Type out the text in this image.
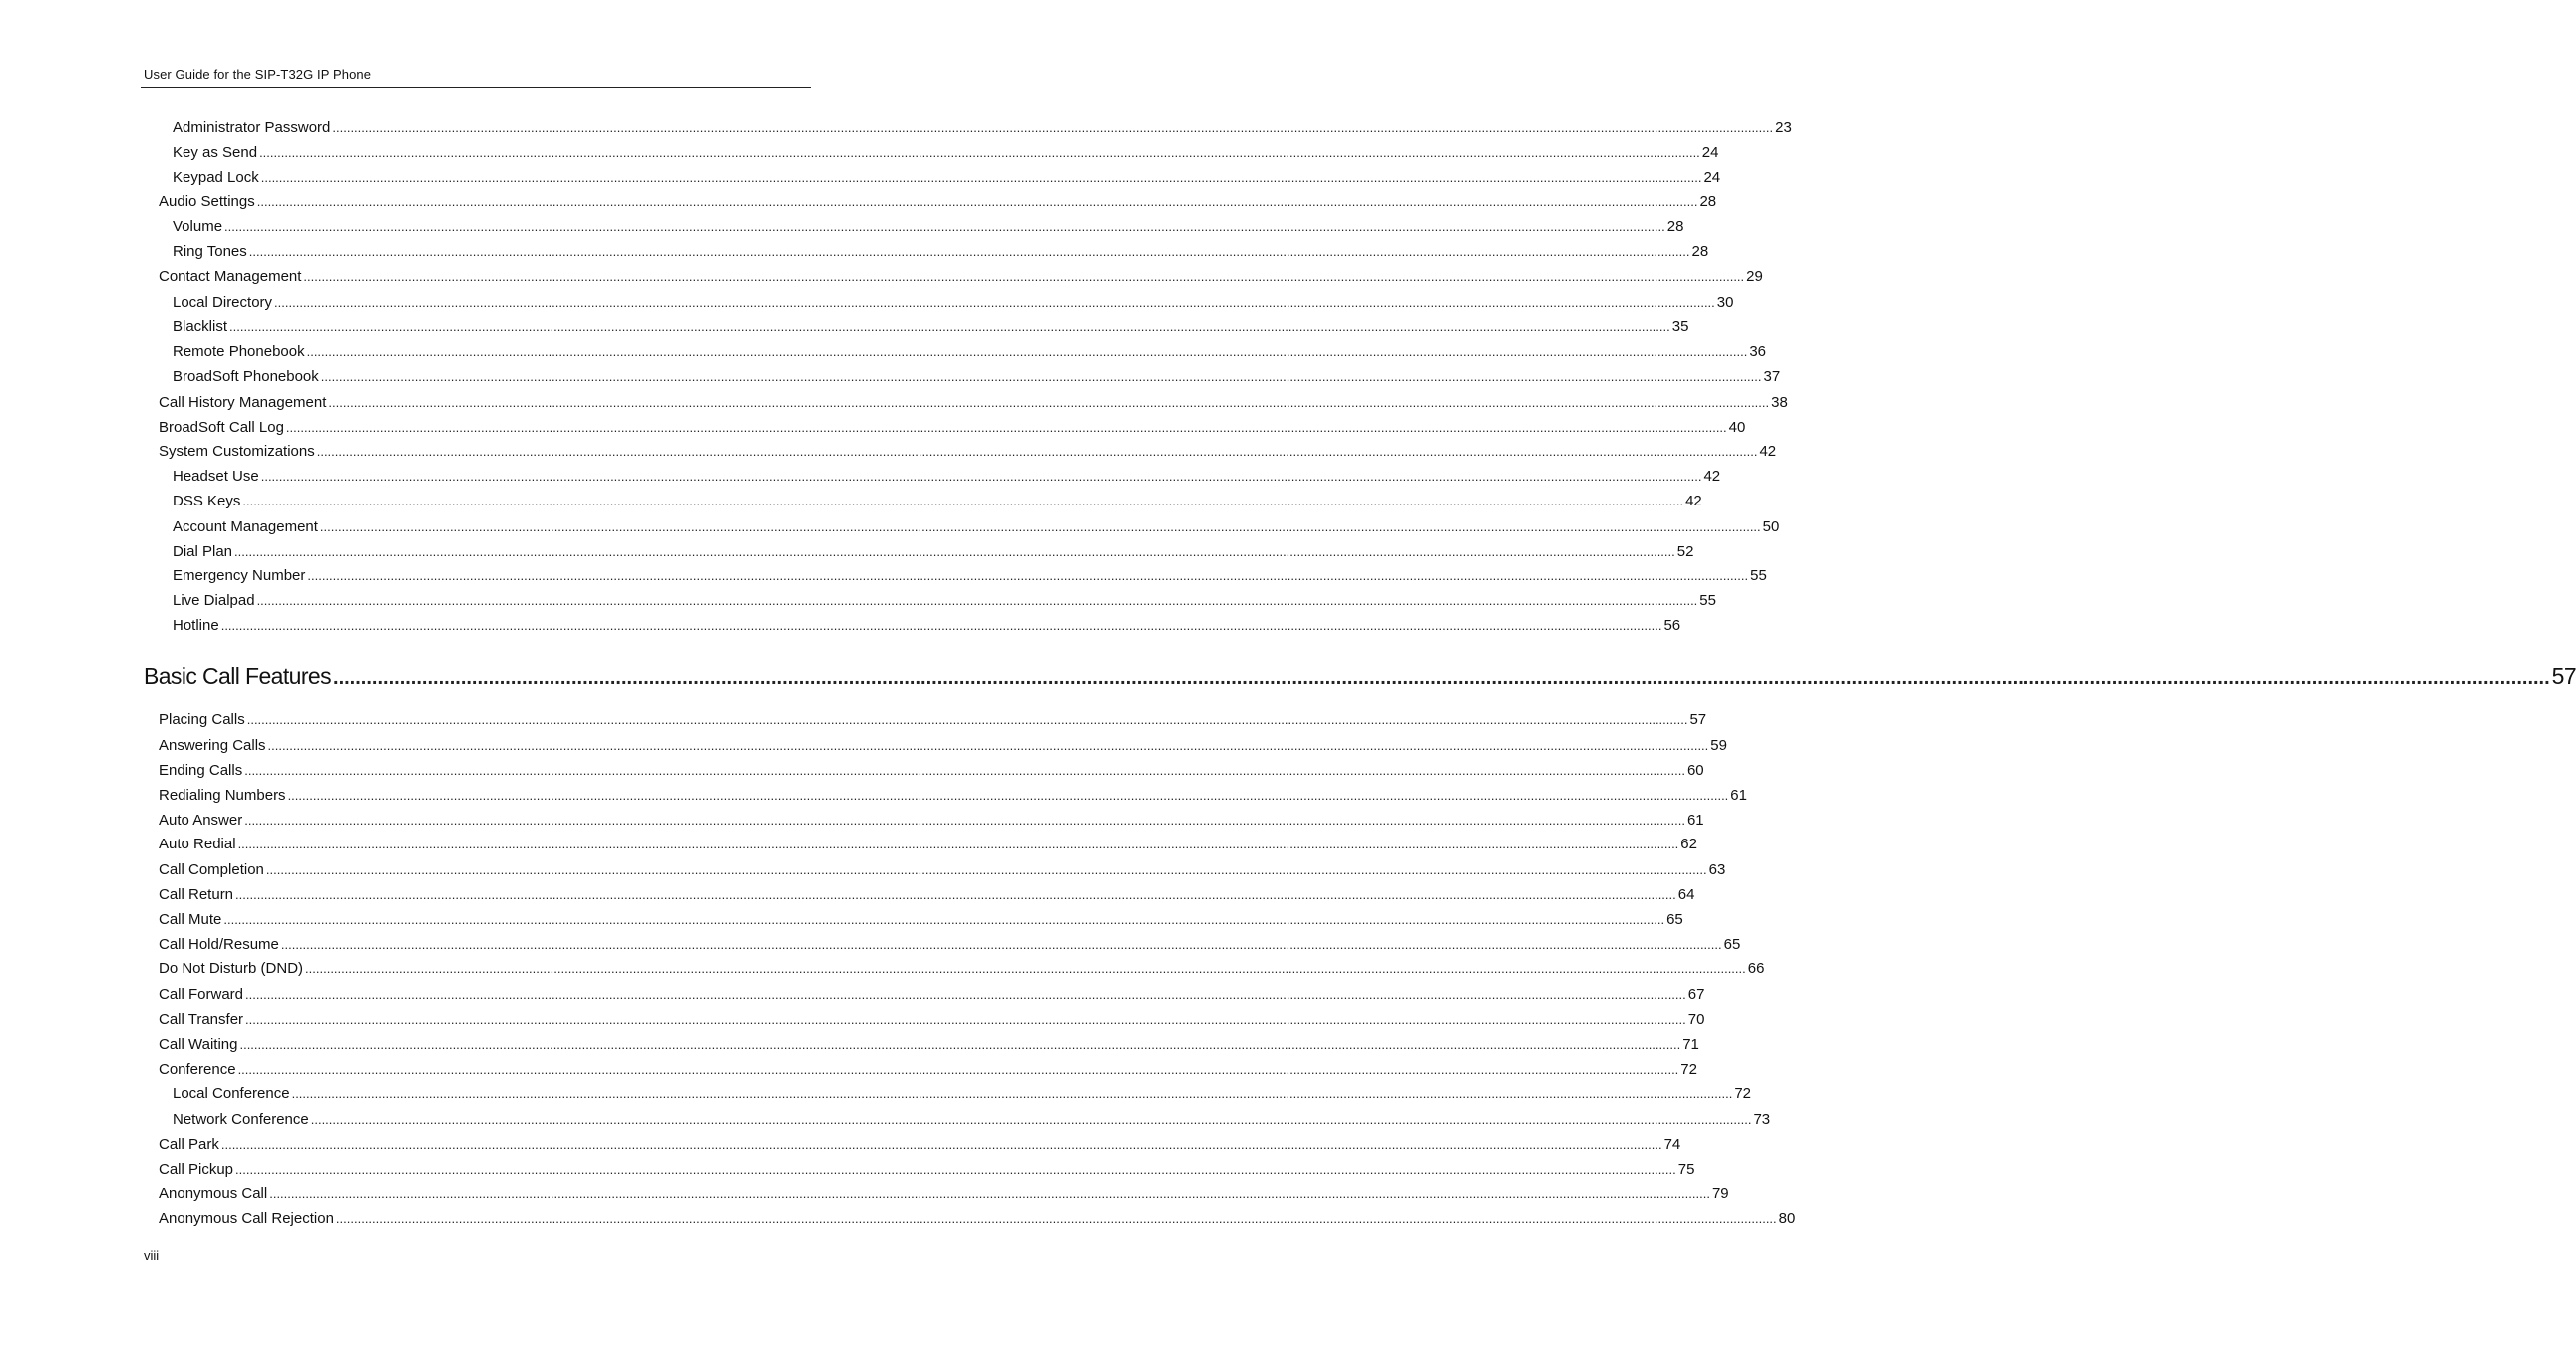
User Guide for the SIP-T32G IP Phone
Administrator Password ................................................................................................................................................................................................................................................................................................................................................................................................................ 23
Key as Send ................................................................................................................................................................................................................................................................................................................................................................................................................ 24
Keypad Lock ................................................................................................................................................................................................................................................................................................................................................................................................................ 24
Audio Settings ................................................................................................................................................................................................................................................................................................................................................................................................................ 28
Volume ................................................................................................................................................................................................................................................................................................................................................................................................................ 28
Ring Tones ................................................................................................................................................................................................................................................................................................................................................................................................................ 28
Contact Management ................................................................................................................................................................................................................................................................................................................................................................................................................ 29
Local Directory ................................................................................................................................................................................................................................................................................................................................................................................................................ 30
Blacklist ................................................................................................................................................................................................................................................................................................................................................................................................................ 35
Remote Phonebook ................................................................................................................................................................................................................................................................................................................................................................................................................ 36
BroadSoft Phonebook ................................................................................................................................................................................................................................................................................................................................................................................................................ 37
Call History Management ................................................................................................................................................................................................................................................................................................................................................................................................................ 38
BroadSoft Call Log ................................................................................................................................................................................................................................................................................................................................................................................................................ 40
System Customizations ................................................................................................................................................................................................................................................................................................................................................................................................................ 42
Headset Use ................................................................................................................................................................................................................................................................................................................................................................................................................ 42
DSS Keys ................................................................................................................................................................................................................................................................................................................................................................................................................ 42
Account Management ................................................................................................................................................................................................................................................................................................................................................................................................................ 50
Dial Plan ................................................................................................................................................................................................................................................................................................................................................................................................................ 52
Emergency Number ................................................................................................................................................................................................................................................................................................................................................................................................................ 55
Live Dialpad ................................................................................................................................................................................................................................................................................................................................................................................................................ 55
Hotline ................................................................................................................................................................................................................................................................................................................................................................................................................ 56
Basic Call Features ................................................................................................................................................................................................................................................................................................................................................................................................................ 57
Placing Calls ................................................................................................................................................................................................................................................................................................................................................................................................................ 57
Answering Calls ................................................................................................................................................................................................................................................................................................................................................................................................................ 59
Ending Calls ................................................................................................................................................................................................................................................................................................................................................................................................................ 60
Redialing Numbers ................................................................................................................................................................................................................................................................................................................................................................................................................ 61
Auto Answer ................................................................................................................................................................................................................................................................................................................................................................................................................ 61
Auto Redial ................................................................................................................................................................................................................................................................................................................................................................................................................ 62
Call Completion ................................................................................................................................................................................................................................................................................................................................................................................................................ 63
Call Return ................................................................................................................................................................................................................................................................................................................................................................................................................ 64
Call Mute ................................................................................................................................................................................................................................................................................................................................................................................................................ 65
Call Hold/Resume ................................................................................................................................................................................................................................................................................................................................................................................................................ 65
Do Not Disturb (DND) ................................................................................................................................................................................................................................................................................................................................................................................................................ 66
Call Forward ................................................................................................................................................................................................................................................................................................................................................................................................................ 67
Call Transfer ................................................................................................................................................................................................................................................................................................................................................................................................................ 70
Call Waiting ................................................................................................................................................................................................................................................................................................................................................................................................................ 71
Conference ................................................................................................................................................................................................................................................................................................................................................................................................................ 72
Local Conference ................................................................................................................................................................................................................................................................................................................................................................................................................ 72
Network Conference ................................................................................................................................................................................................................................................................................................................................................................................................................ 73
Call Park ................................................................................................................................................................................................................................................................................................................................................................................................................ 74
Call Pickup ................................................................................................................................................................................................................................................................................................................................................................................................................ 75
Anonymous Call ................................................................................................................................................................................................................................................................................................................................................................................................................ 79
Anonymous Call Rejection ................................................................................................................................................................................................................................................................................................................................................................................................................ 80
viii
